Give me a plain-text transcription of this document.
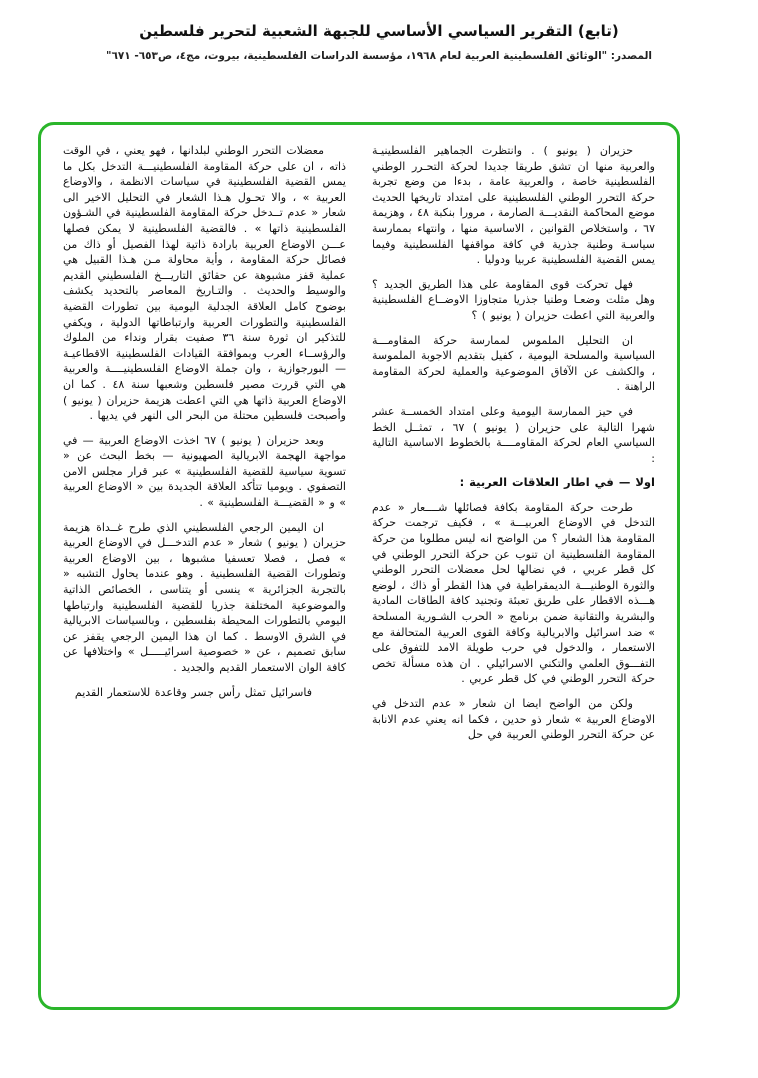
(تابع) التقرير السياسي الأساسي للجبهة الشعبية لتحرير فلسطين

المصدر: "الوثائق الفلسطينية العربية لعام ١٩٦٨، مؤسسة الدراسات الفلسطينية، بيروت، مج٤، ص٦٥٣- ٦٧١"

حزيران ( يونيو ) . وانتظرت الجماهير الفلسطينيـة والعربية منها ان تشق طريقا جديدا لحركة التحـرر الوطني الفلسطينية خاصة ، والعربية عامة ، بدءا من وضع تجربة حركة التحرر الوطني الفلسطينية على امتداد تاريخها الحديث موضع المحاكمة النقديـــة الصارمة ، مرورا بنكبة ٤٨ ، وهزيمة ٦٧ ، واستخلاص القوانين ، الاساسية منها ، وانتهاء بممارسة سياسـة وطنية جذرية في كافة مواقفها الفلسطينية وفيما يمس القضية الفلسطينية عربيا ودوليا .

فهل تحركت قوى المقاومة على هذا الطريق الجديد ؟ وهل مثلت وضعـا وطنيا جذريا متجاوزا الاوضــاع الفلسطينية والعربية التي اعطت حزيران ( يونيو ) ؟

ان التحليل الملموس لممارسة حركة المقاومـــة السياسية والمسلحة اليومية ، كفيل بتقديم الاجوبة الملموسة ، والكشف عن الآفاق الموضوعية والعملية لحركة المقاومة الراهنة .

في حيز الممارسة اليومية وعلى امتداد الخمســة عشر شهرا التالية على حزيران ( يونيو ) ٦٧ ، تمثــل الخط السياسي العام لحركة المقاومــــة بالخطوط الاساسية التالية :

اولا — في اطار العلاقات العربية :

طرحت حركة المقاومة بكافة فصائلها شــــعار « عدم التدخل في الاوضاع العربيـــة » ، فكيف ترجمت حركة المقاومة هذا الشعار ؟ من الواضح انه ليس مطلوبا من حركة المقاومة الفلسطينية ان تنوب عن حركة التحرر الوطني في كل قطر عربي ، في نضالها لحل معضلات التحرر الوطني والثورة الوطنيـــة الديمقراطية في هذا القطر أو ذاك ، لوضع هـــذه الاقطار على طريق تعبئة وتجنيد كافة الطاقات المادية والبشرية والتقانية ضمن برنامج « الحرب الشـورية المسلحة » ضد اسرائيل والابريالية وكافة القوى العربية المتحالفة مع الاستعمار ، والدخول في حرب طويلة الامد للتفوق على التفـــوق العلمي والتكني الاسرائيلي . ان هذه مسألة تخص حركة التحرر الوطني في كل قطر عربي .

ولكن من الواضح ايضا ان شعار « عدم التدخل في الاوضاع العربية » شعار ذو حدين ، فكما انه يعني عدم الانابة عن حركة التحرر الوطني العربية في حل

معضلات التحرر الوطني لبلدانها ، فهو يعني ، في الوقت ذاته ، ان على حركة المقاومة الفلسطينيـــة التدخل بكل ما يمس القضية الفلسطينية في سياسات الانظمة ، والاوضاع العربية » ، والا تحـول هـذا الشعار في التحليل الاخير الى شعار « عدم تــدخل حركة المقاومة الفلسطينية في الشـؤون الفلسطينية ذاتها » . فالقضية الفلسطينية لا يمكن فصلها عـــن الاوضاع العربية بارادة ذاتية لهذا الفصيل أو ذاك من فصائل حركة المقاومة ، وأية محاولة مـن هـذا القبيل هي عملية قفز مشبوهة عن حقائق التاريـــخ الفلسطيني القديم والوسيط والحديث . والتـاريخ المعاصر بالتحديد يكشف بوضوح كامل العلاقة الجدلية اليومية بين تطورات القضية الفلسطينية والتطورات العربية وارتباطاتها الدولية ، ويكفي للتذكير ان ثورة سنة ٣٦ صفيت بقرار ونداء من الملوك والرؤســاء العرب وبموافقة القيادات الفلسطينية الاقطاعيـة — البورجوازية ، وان جملة الاوضاع الفلسطينيــــة والعربية هي التي قررت مصير فلسطين وشعبها سنة ٤٨ . كما ان الاوضاع العربية ذاتها هي التي اعطت هزيمة حزيران ( يونيو ) وأصبحت فلسطين محتلة من البحر الى النهر في يديها .

وبعد حزيران ( يونيو ) ٦٧ اخذت الاوضاع العربية — في مواجهة الهجمة الابريالية الصهيونية — بخط البحث عن « تسوية سياسية للقضية الفلسطينية » عبر قرار مجلس الامن التصفوي . ويوميا تتأكد العلاقة الجديدة بين « الاوضاع العربية » و « القضيـــة الفلسطينية » .

ان اليمين الرجعي الفلسطيني الذي طرح غــداة هزيمة حزيران ( يونيو ) شعار « عدم التدخـــل في الاوضاع العربية » فصل ، فصلا تعسفيا مشبوها ، بين الاوضاع العربية وتطورات القضية الفلسطينية . وهو عندما يحاول التشبه « بالتجربة الجزائرية » ينسى أو يتناسى ، الخصائص الذاتية والموضوعية المختلفة جذريا للقضية الفلسطينية وارتباطها اليومي بالتطورات المحيطة بفلسطين ، وبالسياسات الابريالية في الشرق الاوسط . كما ان هذا اليمين الرجعي يقفز عن سابق تصميم ، عن « خصوصية اسرائيـــــل » واختلافها عن كافة الوان الاستعمار القديم والجديد .

فاسرائيل تمثل رأس جسر وقاعدة للاستعمار القديم
